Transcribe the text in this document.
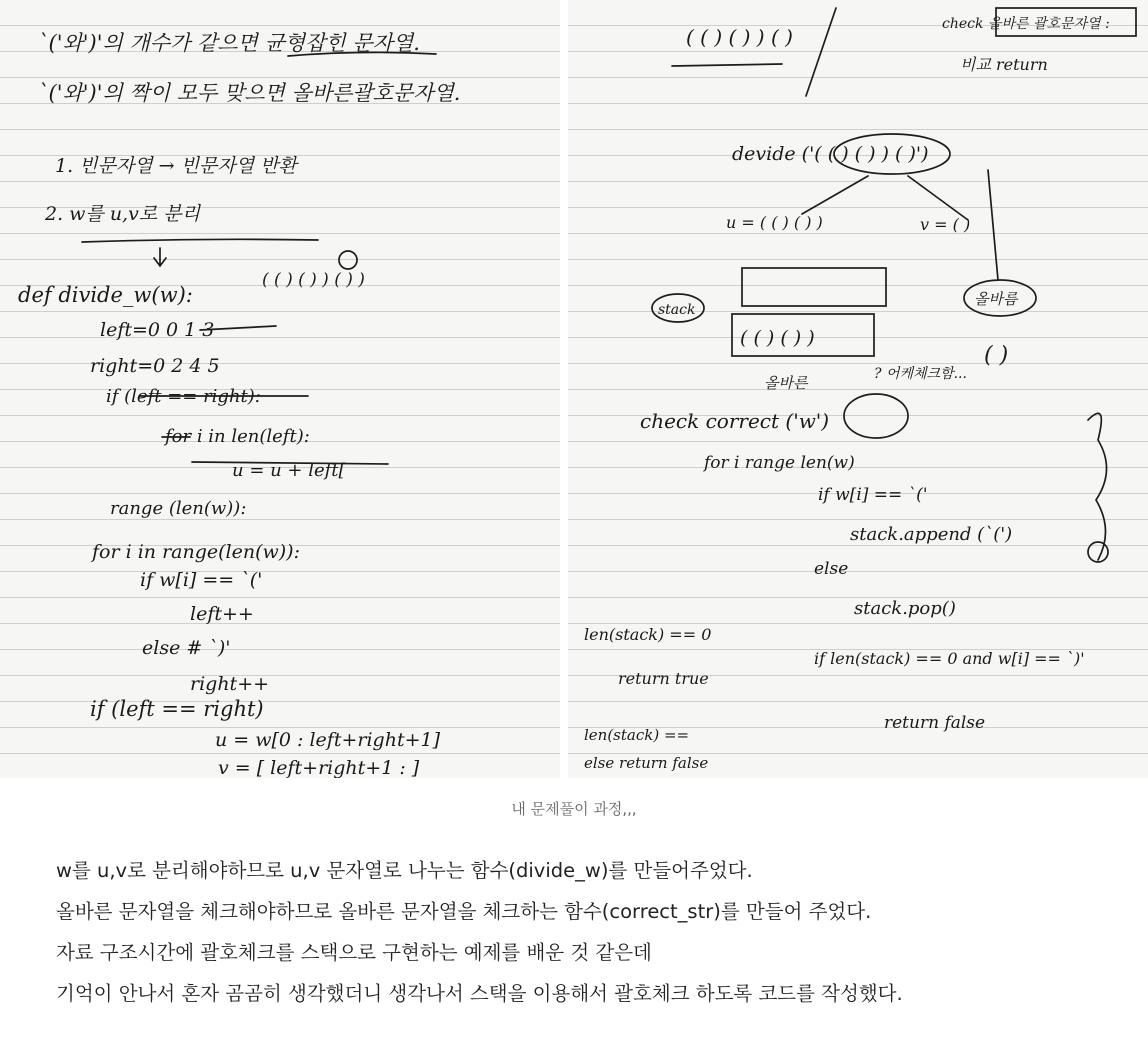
`('와')'의 개수가 같으면 균형잡힌 문자열.
`('와')'의 짝이 모두 맞으면 올바른괄호문자열.
1. 빈문자열 → 빈문자열 반환
2. w를 u,v로 분리
def divide_w(w):
( ( ) ( ) ) ( ) )
left=0 0 1 3
right=0 2 4 5
if (left == right):
for i in len(left):
u = u + left[
range (len(w)):
for i in range(len(w)):
if w[i] == `('
left++
else # `)'
right++
if (left == right)
u = w[0 : left+right+1]
v = [ left+right+1 : ]
( ( ) ( ) ) ( )
check 올바른 괄호문자열 :
비교 return
devide ('( ( ) ( ) ) ( )')
u = ( ( ) ( ) )	v = ( )
stack
( ( ) ( ) )
올바른
올바름
( )
? 어케체크함...
check correct ('w')
for i range len(w)
if w[i] == `('
stack.append (`(')
else
stack.pop()
len(stack) == 0
return true
if len(stack) == 0 and w[i] == `)'
return false
len(stack) ==
else return false
내 문제풀이 과정,,,

w를 u,v로 분리해야하므로 u,v 문자열로 나누는 함수(divide_w)를 만들어주었다.

올바른 문자열을 체크해야하므로 올바른 문자열을 체크하는 함수(correct_str)를 만들어 주었다.

자료 구조시간에 괄호체크를 스택으로 구현하는 예제를 배운 것 같은데

기억이 안나서 혼자 곰곰히 생각했더니 생각나서 스택을 이용해서 괄호체크 하도록 코드를 작성했다.
